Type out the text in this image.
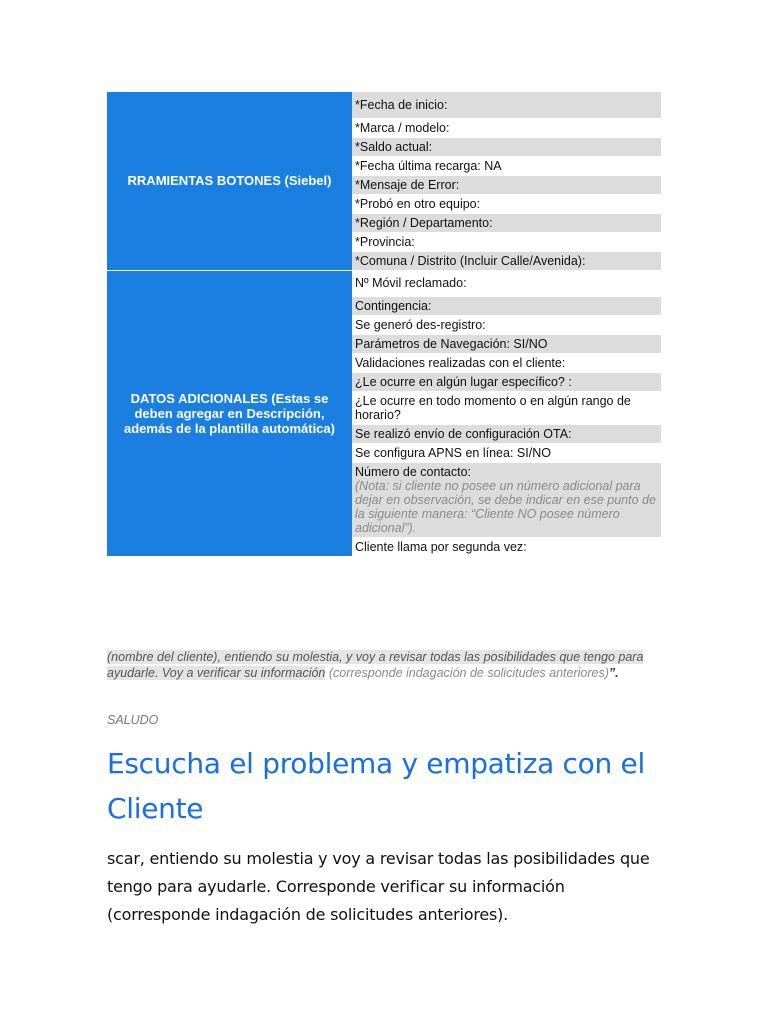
RRAMIENTAS BOTONES (Siebel)	*Fecha de inicio:
	*Marca / modelo:
	*Saldo actual:
	*Fecha última recarga: NA
	*Mensaje de Error:
	*Probó en otro equipo:
	*Región / Departamento:
	*Provincia:
	*Comuna / Distrito (Incluir Calle/Avenida):
DATOS ADICIONALES (Estas se deben agregar en Descripción, además de la plantilla automática)	Nº Móvil reclamado:
	Contingencia:
	Se generó des-registro:
	Parámetros de Navegación: SI/NO
	Validaciones realizadas con el cliente:
	¿Le ocurre en algún lugar específico? :
	¿Le ocurre en todo momento o en algún rango de horario?
	Se realizó envío de configuración OTA:
	Se configura APNS en línea: SI/NO
	Número de contacto:
(Nota: si cliente no posee un número adicional para dejar en observación, se debe indicar en ese punto de la siguiente manera: “Cliente NO posee número adicional”).

	Cliente llama por segunda vez:
(nombre del cliente), entiendo su molestia, y voy a revisar todas las posibilidades que tengo para ayudarle. Voy a verificar su información (corresponde indagación de solicitudes anteriores)”.
SALUDO
Escucha el problema y empatiza con el Cliente

scar, entiendo su molestia y voy a revisar todas las posibilidades que tengo para ayudarle. Corresponde verificar su información (corresponde indagación de solicitudes anteriores).
